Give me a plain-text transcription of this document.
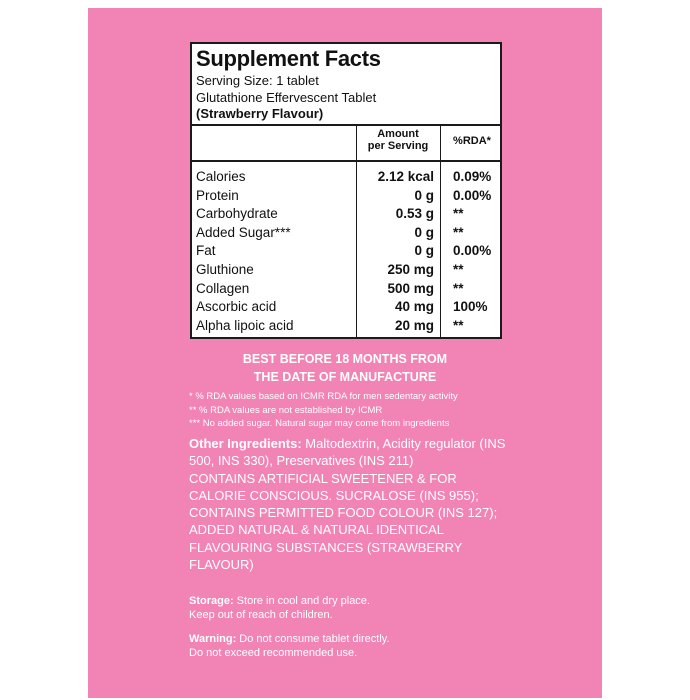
Supplement Facts
Serving Size: 1 tablet
Glutathione Effervescent Tablet
(Strawberry Flavour)
Amount
per Serving	%RDA*
Calories	2.12 kcal 0.09%
Protein	0 g 0.00%
Carbohydrate	0.53 g **
Added Sugar***	0 g **
Fat	0 g 0.00%
Gluthione	250 mg **
Collagen	500 mg **
Ascorbic acid	40 mg 100%
Alpha lipoic acid	20 mg **
BEST BEFORE 18 MONTHS FROM
THE DATE OF MANUFACTURE
* % RDA values based on ICMR RDA for men sedentary activity
** % RDA values are not established by ICMR
*** No added sugar. Natural sugar may come from ingredients
Other Ingredients: Maltodextrin, Acidity regulator (INS 500, INS 330), Preservatives (INS 211)
CONTAINS ARTIFICIAL SWEETENER & FOR
CALORIE CONSCIOUS. SUCRALOSE (INS 955);
CONTAINS PERMITTED FOOD COLOUR (INS 127);
ADDED NATURAL & NATURAL IDENTICAL
FLAVOURING SUBSTANCES (STRAWBERRY
FLAVOUR)
Storage: Store in cool and dry place.
Keep out of reach of children.
Warning: Do not consume tablet directly.
Do not exceed recommended use.
